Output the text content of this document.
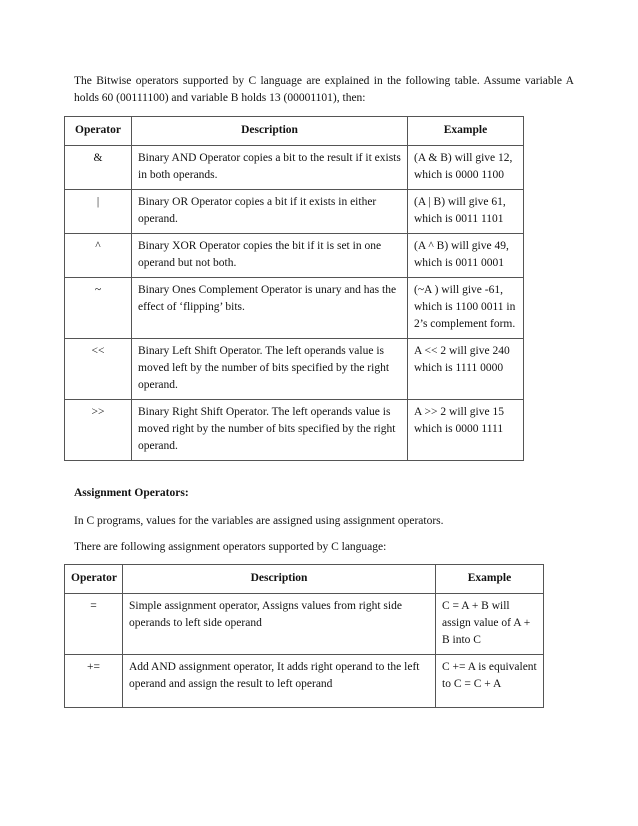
The Bitwise operators supported by C language are explained in the following table. Assume variable A holds 60 (00111100) and variable B holds 13 (00001101), then:

Operator	Description	Example
&	Binary AND Operator copies a bit to the result if it exists in both operands.	(A & B) will give 12, which is 0000 1100
|	Binary OR Operator copies a bit if it exists in either operand.	(A | B) will give 61, which is 0011 1101
^	Binary XOR Operator copies the bit if it is set in one operand but not both.	(A ^ B) will give 49, which is 0011 0001
~	Binary Ones Complement Operator is unary and has the effect of ‘flipping’ bits.	(~A ) will give -61, which is 1100 0011 in 2’s complement form.
<<	Binary Left Shift Operator. The left operands value is moved left by the number of bits specified by the right operand.	A << 2 will give 240 which is 1111 0000
>>	Binary Right Shift Operator. The left operands value is moved right by the number of bits specified by the right operand.	A >> 2 will give 15 which is 0000 1111
Assignment Operators:
In C programs, values for the variables are assigned using assignment operators.
There are following assignment operators supported by C language:
Operator	Description	Example
=	Simple assignment operator, Assigns values from right side operands to left side operand	C = A + B will assign value of A + B into C
+=	Add AND assignment operator, It adds right operand to the left operand and assign the result to left operand	C += A is equivalent to C = C + A
